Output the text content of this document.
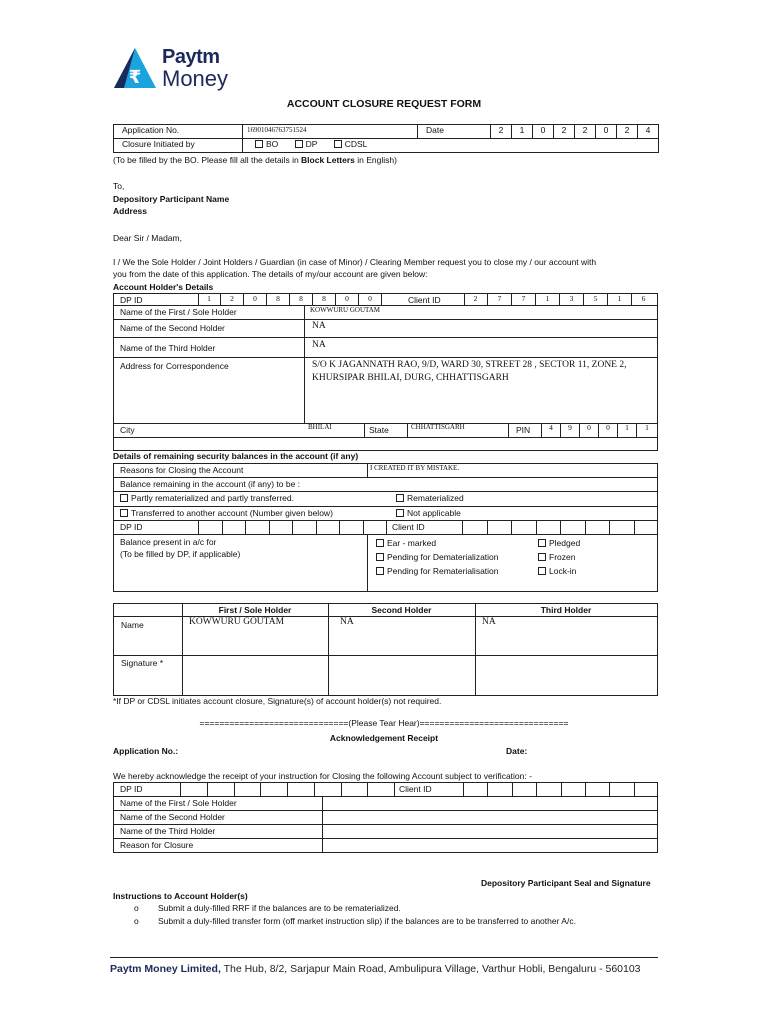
₹
Paytm
Money
ACCOUNT CLOSURE REQUEST FORM
Application No.	169010467637515​24	Date	2	1	0	2	2	0	2	4
Closure Initiated by	BO DP CDSL									
(To be filled by the BO. Please fill all the details in Block Letters in English)
To,
Depository Participant Name
Address
Dear Sir / Madam,
I / We the Sole Holder / Joint Holders / Guardian (in case of Minor) / Clearing Member request you to close my / our account with
you from the date of this application. The details of my/our account are given below:
Account Holder's Details
DP ID	1	2	0	8	8	8	0	0	Client ID	2	7	7	1	3	5	1	6
Name of the First / Sole Holder	KOWWURU GOUTAM
Name of the Second Holder	NA
Name of the Third Holder	NA
Address for Correspondence	S/O K JAGANNATH RAO, 9/D, WARD 30, STREET 28 , SECTOR 11, ZONE 2,
KHURSIPAR BHILAI, DURG, CHHATTISGARH
City	BHILAI	State	CHHATTISGARH	PIN	4	9	0	0	1	1
Details of remaining security balances in the account (if any)
Reasons for Closing the Account	I CREATED IT BY MISTAKE.
Balance remaining in the account (if any) to be :
Partly rematerialized and partly transferred.	Rematerialized
Transferred to another account (Number given below)	Not applicable
DP ID	Client ID
Balance present in a/c for
(To be filled by DP, if applicable)
Ear - marked	Pledged
Pending for Dematerialization	Frozen
Pending for Rematerialisation	Lock-in
First / Sole Holder	Second Holder	Third Holder
Name	KOWWURU GOUTAM	NA	NA
Signature *
*If DP or CDSL initiates account closure, Signature(s) of account holder(s) not required.
==============================(Please Tear Hear)==============================
Acknowledgement Receipt
Application No.:	Date:
We hereby acknowledge the receipt of your instruction for Closing the following Account subject to verification: -
DP ID	Client ID
Name of the First / Sole Holder
Name of the Second Holder
Name of the Third Holder
Reason for Closure
Depository Participant Seal and Signature
Instructions to Account Holder(s)
o Submit a duly-filled RRF if the balances are to be rematerialized.
o Submit a duly-filled transfer form (off market instruction slip) if the balances are to be transferred to another A/c.
Paytm Money Limited, The Hub, 8/2, Sarjapur Main Road, Ambulipura Village, Varthur Hobli, Bengaluru - 560103
